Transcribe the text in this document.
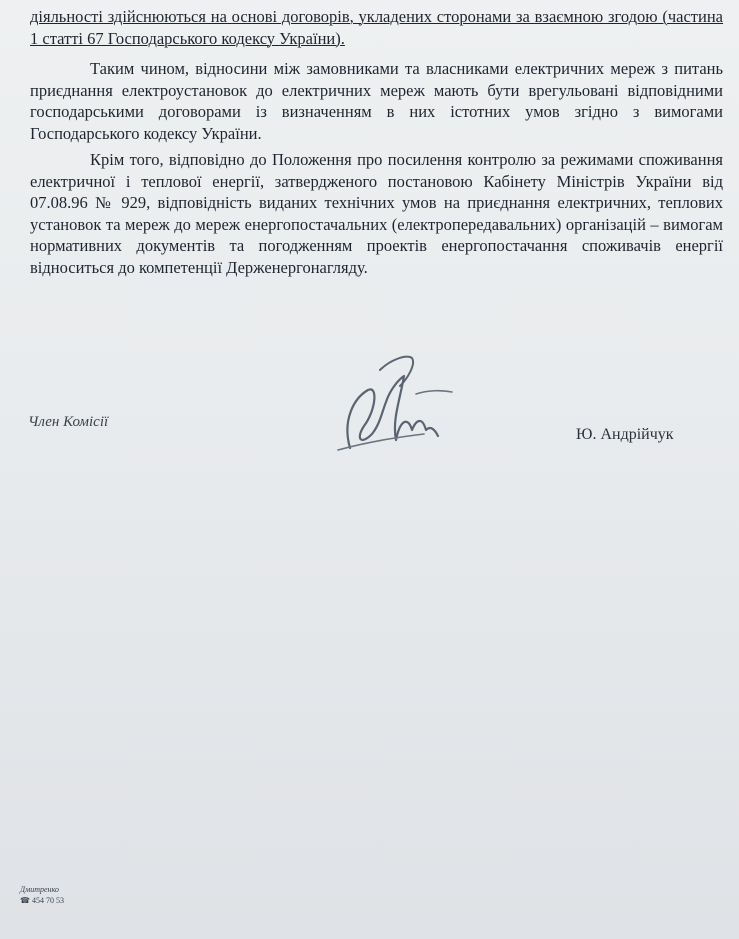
діяльності здійснюються на основі договорів, укладених сторонами за взаємною згодою (частина 1 статті 67 Господарського кодексу України).

Таким чином, відносини між замовниками та власниками електричних мереж з питань приєднання електроустановок до електричних мереж мають бути врегульовані відповідними господарськими договорами із визначенням в них істотних умов згідно з вимогами Господарського кодексу України.

Крім того, відповідно до Положення про посилення контролю за режимами споживання електричної і теплової енергії, затвердженого постановою Кабінету Міністрів України від 07.08.96 № 929, відповідність виданих технічних умов на приєднання електричних, теплових установок та мереж до мереж енергопостачальних (електропередавальних) організацій – вимогам нормативних документів та погодженням проектів енергопостачання споживачів енергії відноситься до компетенції Держенергонагляду.

Член Комісії
Ю. Андрійчук
Дмитренко
☎ 454 70 53
